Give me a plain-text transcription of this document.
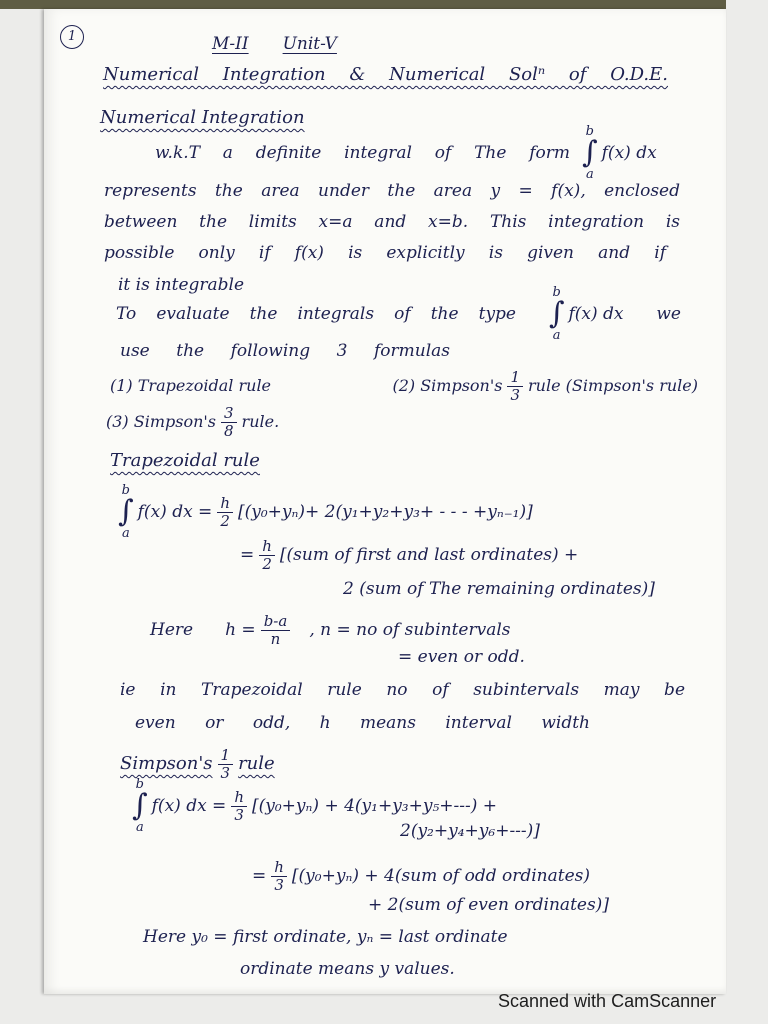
1	M-II Unit-V
Numerical Integration & Numerical Solⁿ of O.D.E.
Numerical Integration
w.k.T a definite integral of The form
b
∫
a
f(x) dx
represents the area under the area y = f(x), enclosed
between the limits x=a and x=b. This integration is
possible only if f(x) is explicitly is given and if
it is integrable
To evaluate the integrals of the type
b
∫
a
f(x) dx we
use the following 3 formulas
(1) Trapezoidal rule	(2) Simpson's $\frac{1}{3}$ rule (Simpson's rule)
(3) Simpson's $\frac{3}{8}$ rule.
Trapezoidal rule
b
∫
a
f(x) dx = $\frac{h}{2} [(y_0+y_n)+ 2(y_1+y_2+y_3+$ - - - +yₙ₋₁)]
= $\frac{h}{2} [(sum$ of first and last ordinates) +
2 (sum of The remaining ordinates)]
Here $h = \frac{b-a}{n}$ , n = no of subintervals
= even or odd.
ie in Trapezoidal rule no of subintervals may be
even or odd, h means interval width
Simpson's $\frac{1}{3}$ rule
b
∫
a
f(x) dx = $\frac{h}{3} [(y_0+y_n) + 4(y_1+y_3+y_5+---)$ +
2(y₂+y₄+y₆+---)]
= $\frac{h}{3} [(y_0+y_n) + 4(sum$ of odd ordinates)
+ 2(sum of even ordinates)]
Here y₀ = first ordinate, yₙ = last ordinate
ordinate means y values.
Scanned with CamScanner
